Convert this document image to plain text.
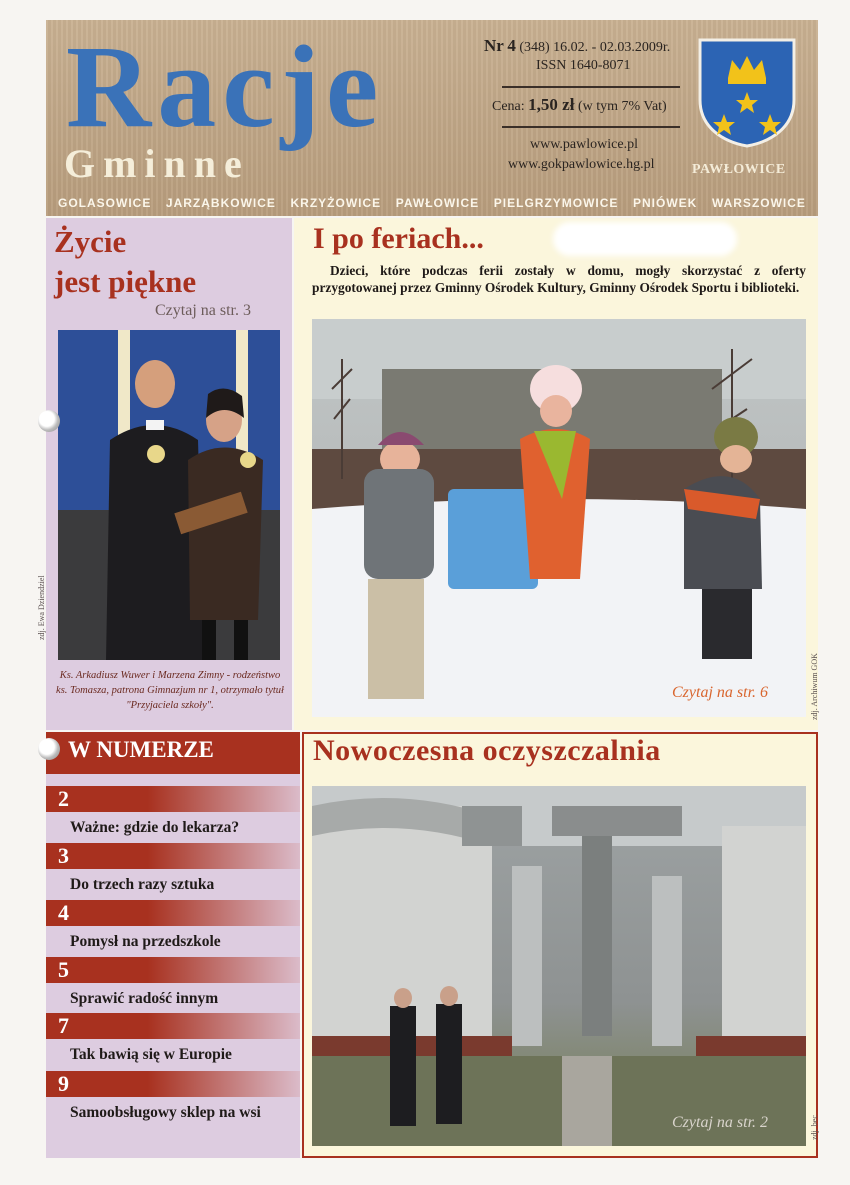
Racje
Gminne
Nr 4 (348) 16.02. - 02.03.2009r.
ISSN 1640-8071
Cena: 1,50 zł (w tym 7% Vat)
www.pawlowice.pl
www.gokpawlowice.hg.pl	PAWŁOWICE
GOLASOWICE JARZĄBKOWICE KRZYŻOWICE PAWŁOWICE PIELGRZYMOWICE PNIÓWEK WARSZOWICE
Życie
jest piękne
Czytaj na str. 3
zdj. Ewa Dziendziel
Ks. Arkadiusz Wuwer i Marzena Zimny - rodzeństwo ks. Tomasza, patrona Gimnazjum nr 1, otrzymało tytuł "Przyjaciela szkoły".
I po feriach...
Dzieci, które podczas ferii zostały w domu, mogły skorzystać z oferty przygotowanej przez Gminny Ośrodek Kultury, Gminny Ośrodek Sportu i biblioteki.
zdj. Archiwum GOK
Czytaj na str. 6
W NUMERZE
2
Ważne: gdzie do lekarza?
3
Do trzech razy sztuka
4
Pomysł na przedszkole
5
Sprawić radość innym
7
Tak bawią się w Europie
9
Samoobsługowy sklep na wsi
Nowoczesna oczyszczalnia
zdj. bec
Czytaj na str. 2
